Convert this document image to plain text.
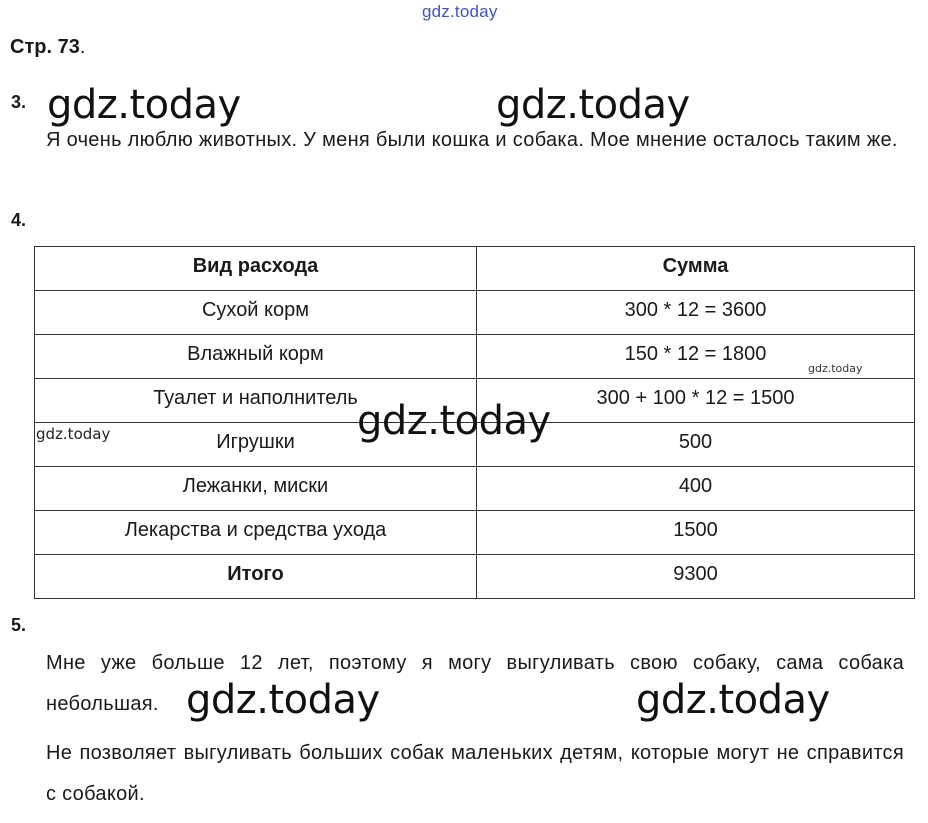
gdz.today
Стр. 73.
3. gdz.today	gdz.today
Я очень люблю животных. У меня были кошка и собака. Мое мнение осталось таким же.
4.
Вид расхода	Сумма
Сухой корм	300 * 12 = 3600
Влажный корм	150 * 12 = 1800
Туалет и наполнитель	300 + 100 * 12 = 1500
Игрушки	500
Лежанки, миски	400
Лекарства и средства ухода	1500
Итого	9300
gdz.today
gdz.today
gdz.today
5.
Мне уже больше 12 лет, поэтому я могу выгуливать свою собаку, сама собака небольшая. gdz.today	gdz.today
Не позволяет выгуливать больших собак маленьких детям, которые могут не справится с собакой.
